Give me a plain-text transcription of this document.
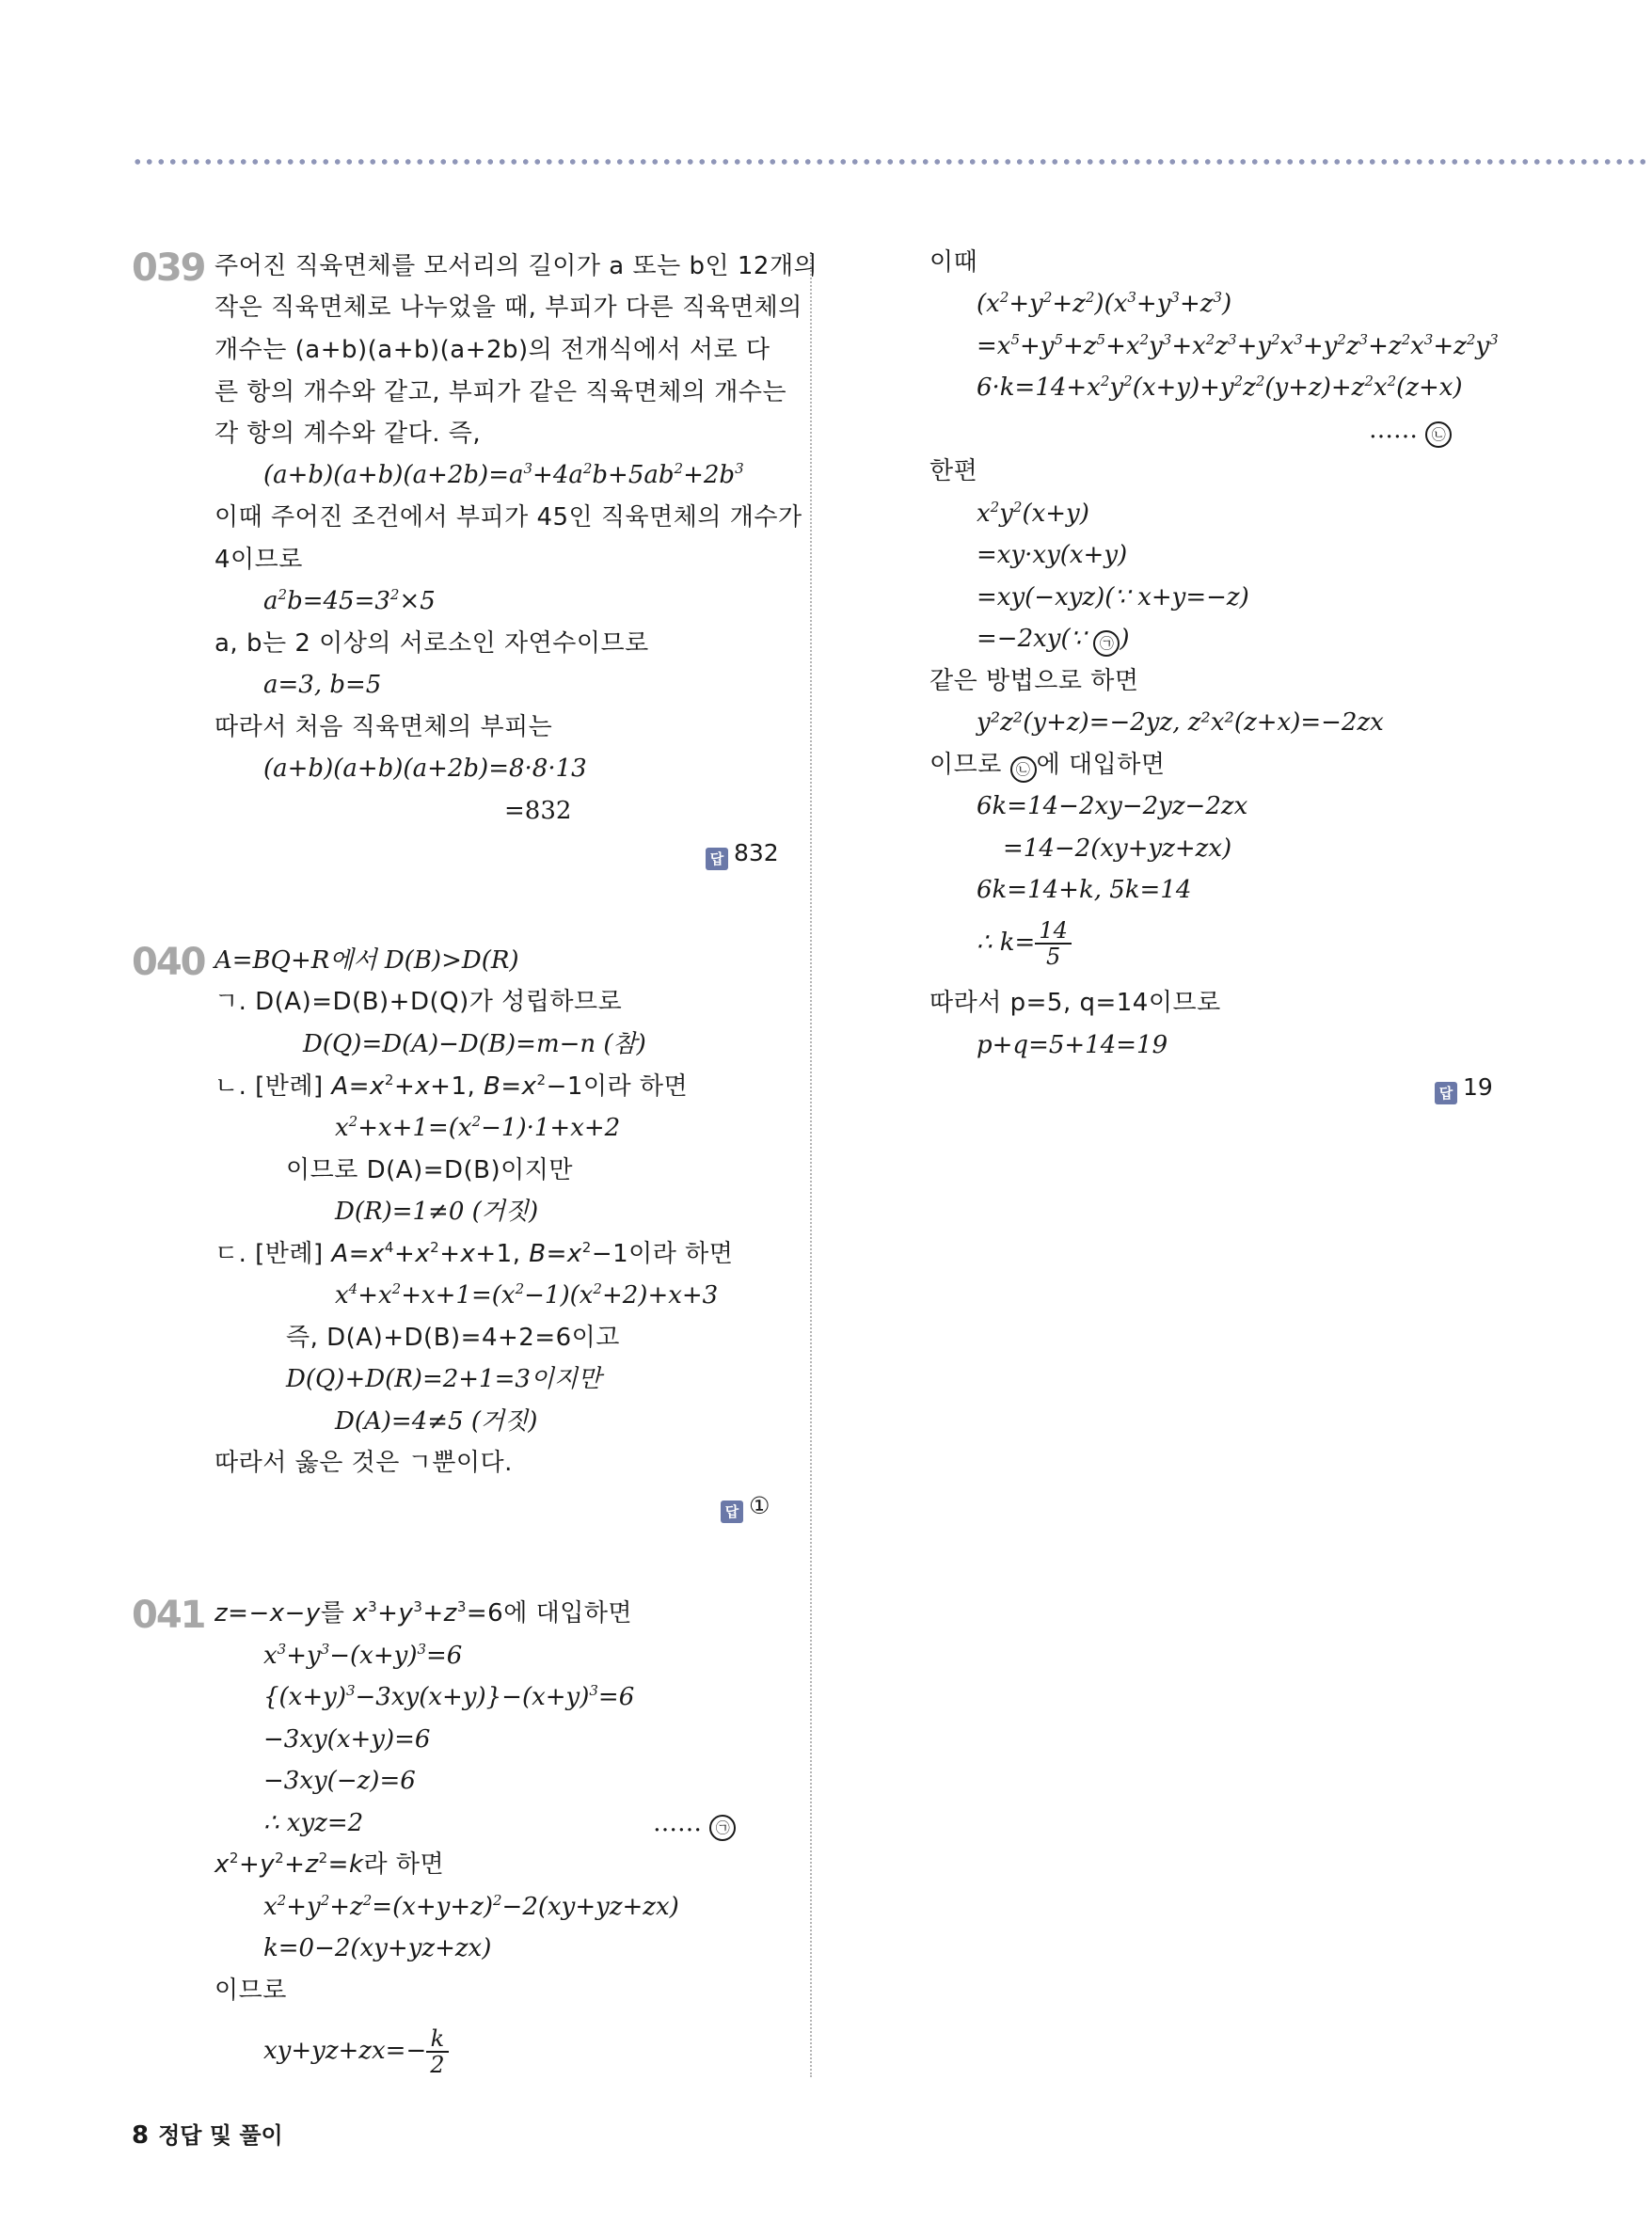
039 주어진 직육면체를 모서리의 길이가 a 또는 b인 12개의
작은 직육면체로 나누었을 때, 부피가 다른 직육면체의
개수는 (a+b)(a+b)(a+2b)의 전개식에서 서로 다
른 항의 개수와 같고, 부피가 같은 직육면체의 개수는
각 항의 계수와 같다. 즉,
$(a+b)(a+b)(a+2b)=a^3+4a^2b+5ab^2+2b^3$
이때 주어진 조건에서 부피가 45인 직육면체의 개수가
4이므로
$a^2b=45=3^2\times 5$
a, b는 2 이상의 서로소인 자연수이므로
a=3, b=5
따라서 처음 직육면체의 부피는
(a+b)(a+b)(a+2b)=8·8·13
=832
답 832
040 A=BQ+R에서 D(B)>D(R)
ㄱ. D(A)=D(B)+D(Q)가 성립하므로
D(Q)=D(A)−D(B)=m−n (참)
ㄴ. [반례] $A=x^2+x+1$, $B=x^2-1$이라 하면
$x^2+x+1=(x^2-1)\cdot 1+x+2$
이므로 D(A)=D(B)이지만
D(R)=1≠0 (거짓)
ㄷ. [반례] $A=x^4+x^2+x+1$, $B=x^2-1$이라 하면
$x^4+x^2+x+1=(x^2-1)(x^2+2)+x+3$
즉, D(A)+D(B)=4+2=6이고
D(Q)+D(R)=2+1=3이지만
D(A)=4≠5 (거짓)
따라서 옳은 것은 ㄱ뿐이다.
답 ①
041 z=−x−y를 $x^3+y^3+z^3=6$에 대입하면
$x^3+y^3-(x+y)^3=6$
$\{(x+y)^3-3xy(x+y)\}-(x+y)^3=6$
−3xy(x+y)=6
−3xy(−z)=6
∴ xyz=2	…… ㉠
$x^2+y^2+z^2=k$라 하면
$x^2+y^2+z^2=(x+y+z)^2-2(xy+yz+zx)$
k=0−2(xy+yz+zx)
이므로
$xy+yz+zx=- \frac{k}{2}$
이때
$(x^2+y^2+z^2)(x^3+y^3+z^3)$
$=x^5+y^5+z^5+x^2y^3+x^2z^3+y^2x^3+y^2z^3+z^2x^3+z^2y^3$
$6\cdot k=14+x^2y^2(x+y)+y^2z^2(y+z)+z^2x^2(z+x)$
…… ㉡
한편
$x^2y^2(x+y)$
=xy·xy(x+y)
=xy(−xyz)(∵ x+y=−z)
=−2xy(∵ ㉠ )
같은 방법으로 하면
y²z²(y+z)=−2yz, z²x²(z+x)=−2zx
이므로 ㉡ 에 대입하면
6k=14−2xy−2yz−2zx
=14−2(xy+yz+zx)
6k=14+k, 5k=14
∴ $k= \frac{14}{5}$
따라서 p=5, q=14이므로
p+q=5+14=19
답 19
8 정답 및 풀이
